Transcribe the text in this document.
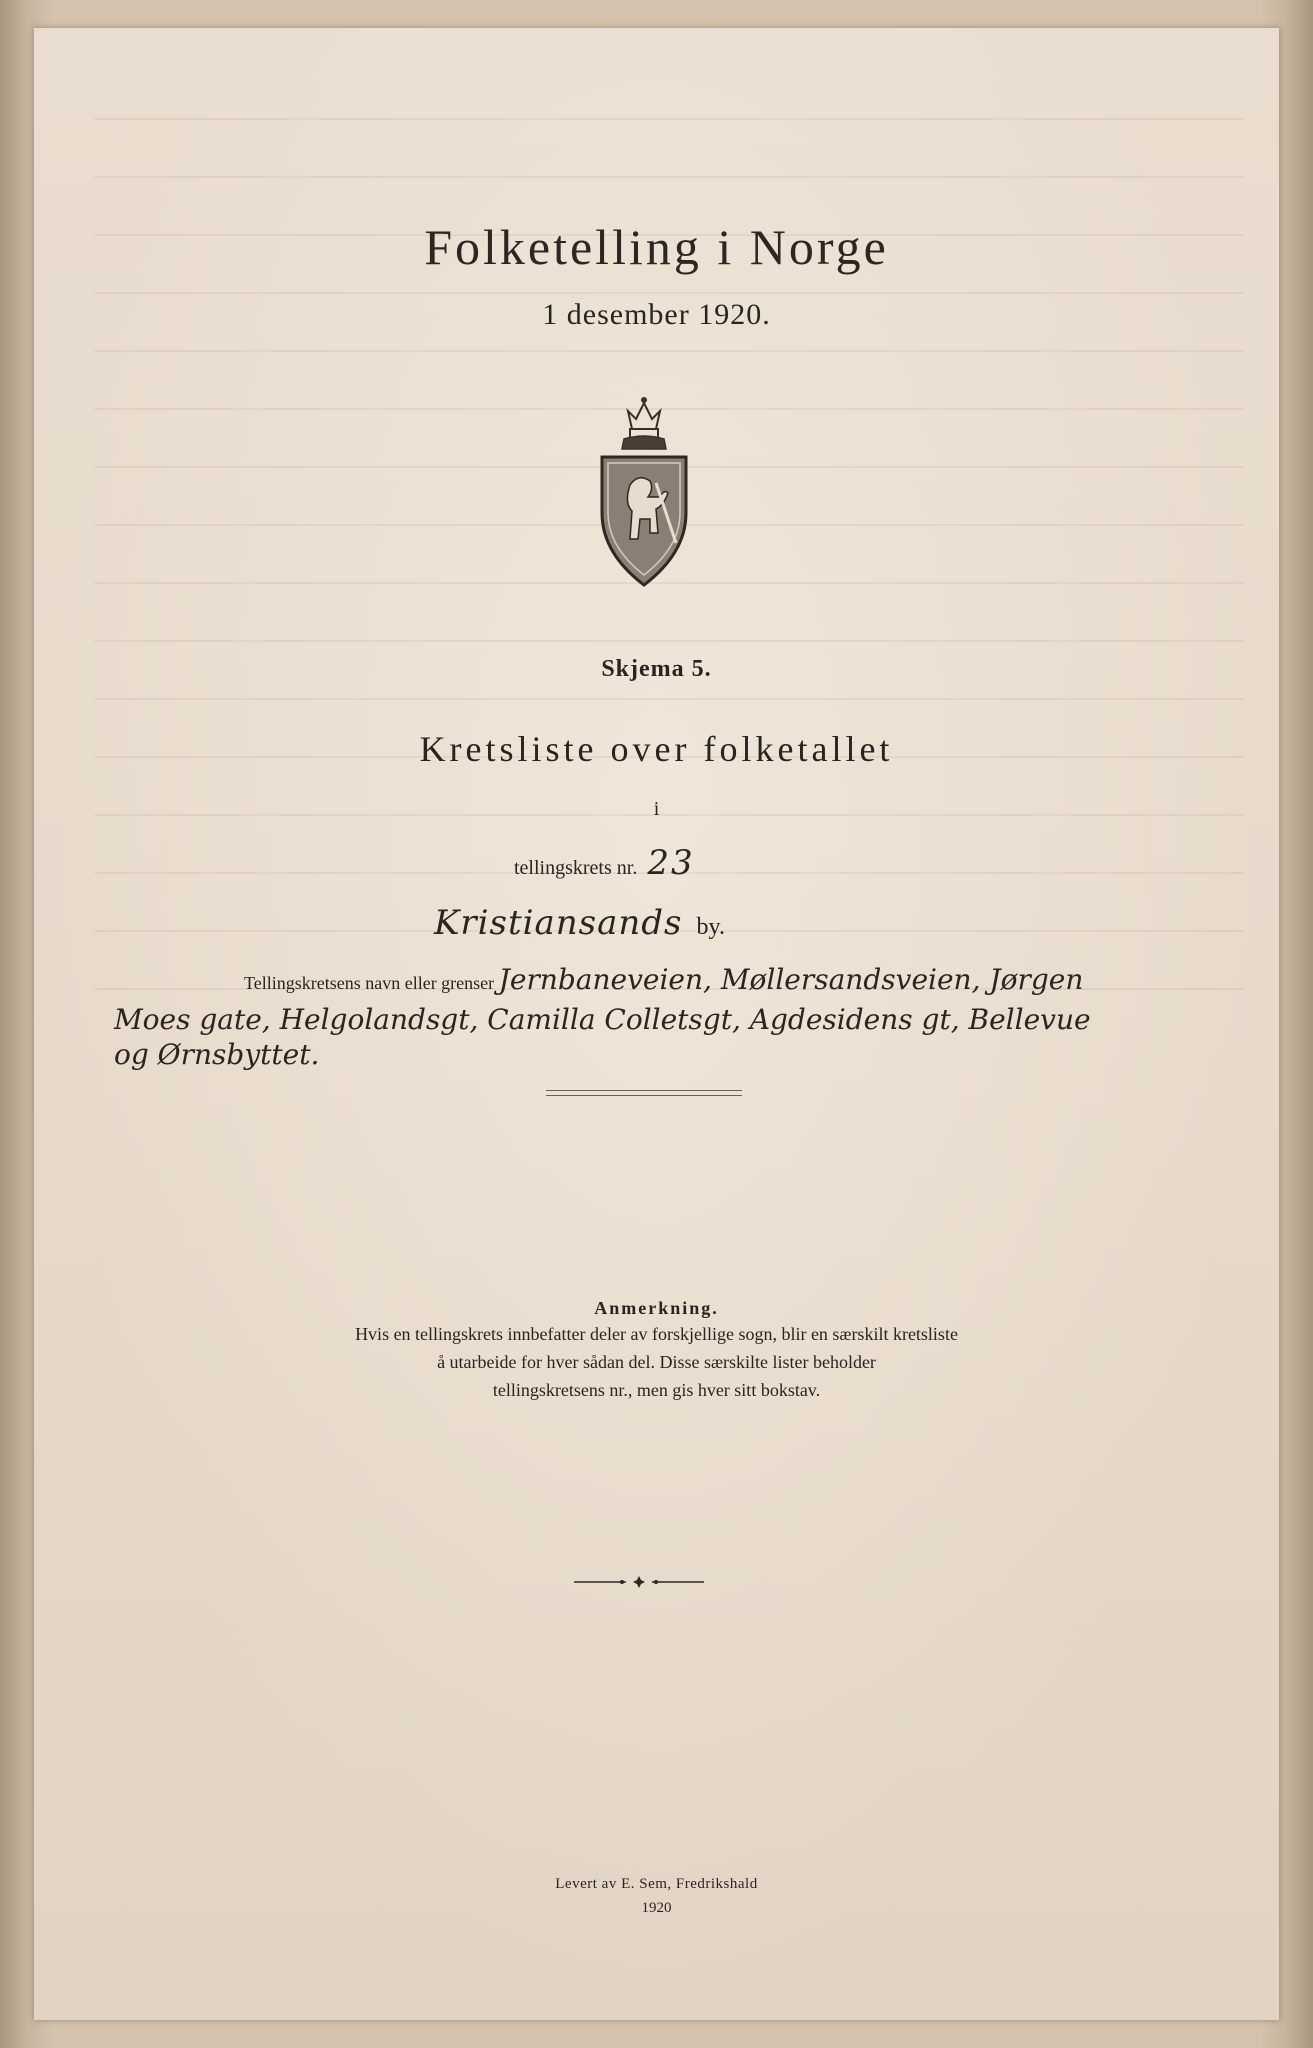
Folketelling i Norge
1 desember 1920.
Skjema 5.
Kretsliste over folketallet
i
tellingskrets nr. 23
Kristiansands by.
Tellingskretsens navn eller grenser Jernbaneveien, Møllersandsveien, Jørgen
Moes gate, Helgolandsgt, Camilla Colletsgt, Agdesidens gt, Bellevue
og Ørnsbyttet.
Anmerkning.
Hvis en tellingskrets innbefatter deler av forskjellige sogn, blir en særskilt kretsliste
å utarbeide for hver sådan del. Disse særskilte lister beholder
tellingskretsens nr., men gis hver sitt bokstav.
Levert av E. Sem, Fredrikshald
1920
